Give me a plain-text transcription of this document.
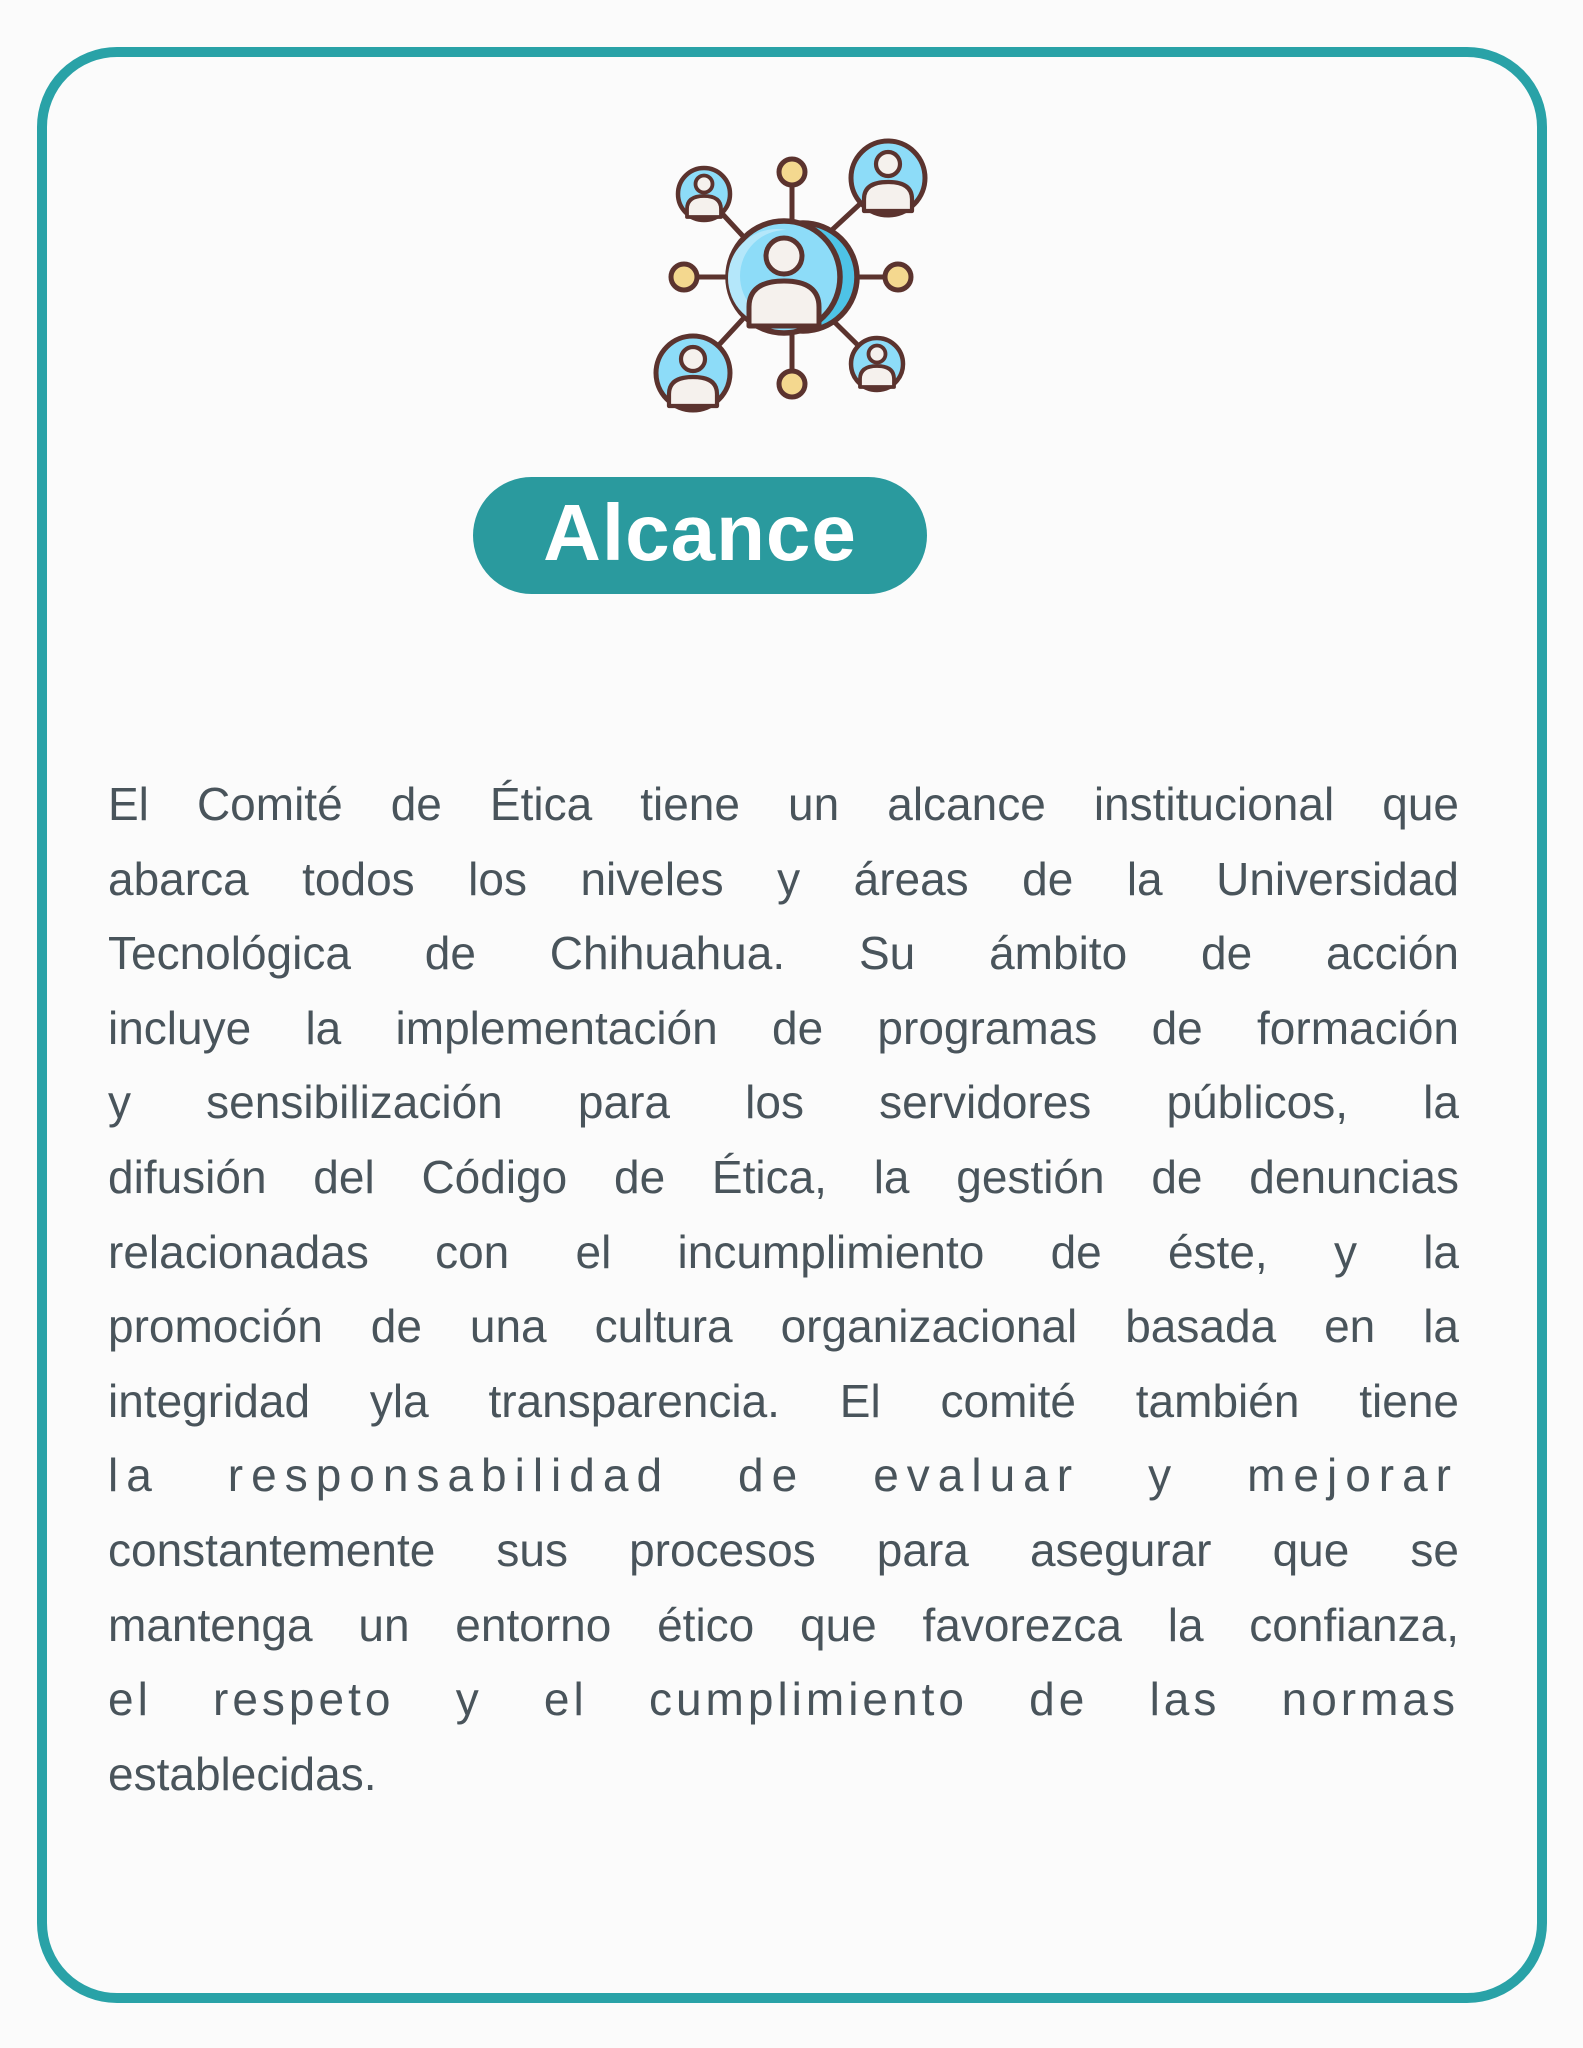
Alcance
El Comité de Ética tiene un alcance institucional que
abarca todos los niveles y áreas de la Universidad
Tecnológica de Chihuahua. Su ámbito de acción
incluye la implementación de programas de formación
y sensibilización para los servidores públicos, la
difusión del Código de Ética, la gestión de denuncias
relacionadas con el incumplimiento de éste, y la
promoción de una cultura organizacional basada en la
integridad yla transparencia. El comité también tiene
la responsabilidad de evaluar y mejorar
constantemente sus procesos para asegurar que se
mantenga un entorno ético que favorezca la confianza,
el respeto y el cumplimiento de las normas
establecidas.
